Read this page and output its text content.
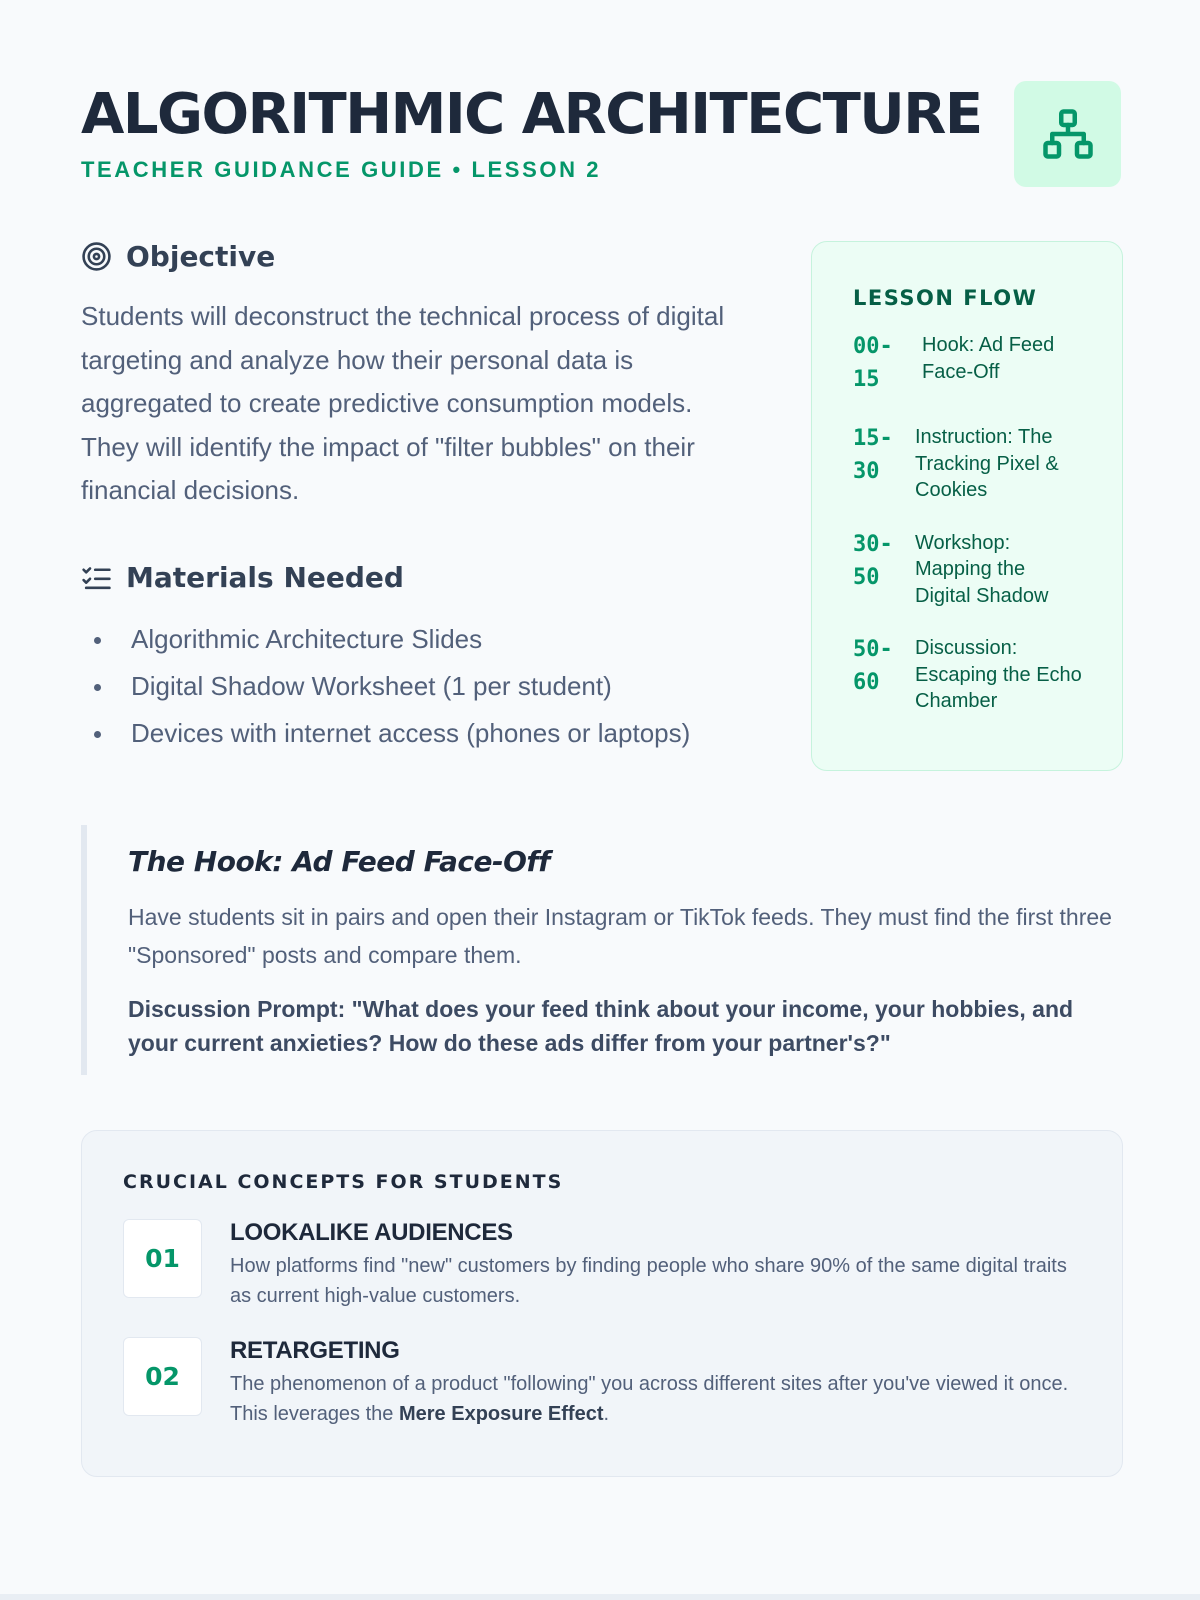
ALGORITHMIC ARCHITECTURE
TEACHER GUIDANCE GUIDE • LESSON 2
Objective

Students will deconstruct the technical process of digital targeting and analyze how their personal data is aggregated to create predictive consumption models. They will identify the impact of "filter bubbles" on their financial decisions.

Materials Needed
Algorithmic Architecture Slides
Digital Shadow Worksheet (1 per student)
Devices with internet access (phones or laptops)
LESSON FLOW
00-
15
Hook: Ad Feed Face-Off
15-
30
Instruction: The Tracking Pixel & Cookies
30-
50
Workshop: Mapping the Digital Shadow
50-
60
Discussion: Escaping the Echo Chamber
The Hook: Ad Feed Face-Off

Have students sit in pairs and open their Instagram or TikTok feeds. They must find the first three "Sponsored" posts and compare them.

Discussion Prompt: "What does your feed think about your income, your hobbies, and your current anxieties? How do these ads differ from your partner's?"

CRUCIAL CONCEPTS FOR STUDENTS
01
LOOKALIKE AUDIENCES
How platforms find "new" customers by finding people who share 90% of the same digital traits as current high-value customers.
02
RETARGETING
The phenomenon of a product "following" you across different sites after you've viewed it once. This leverages the Mere Exposure Effect.
